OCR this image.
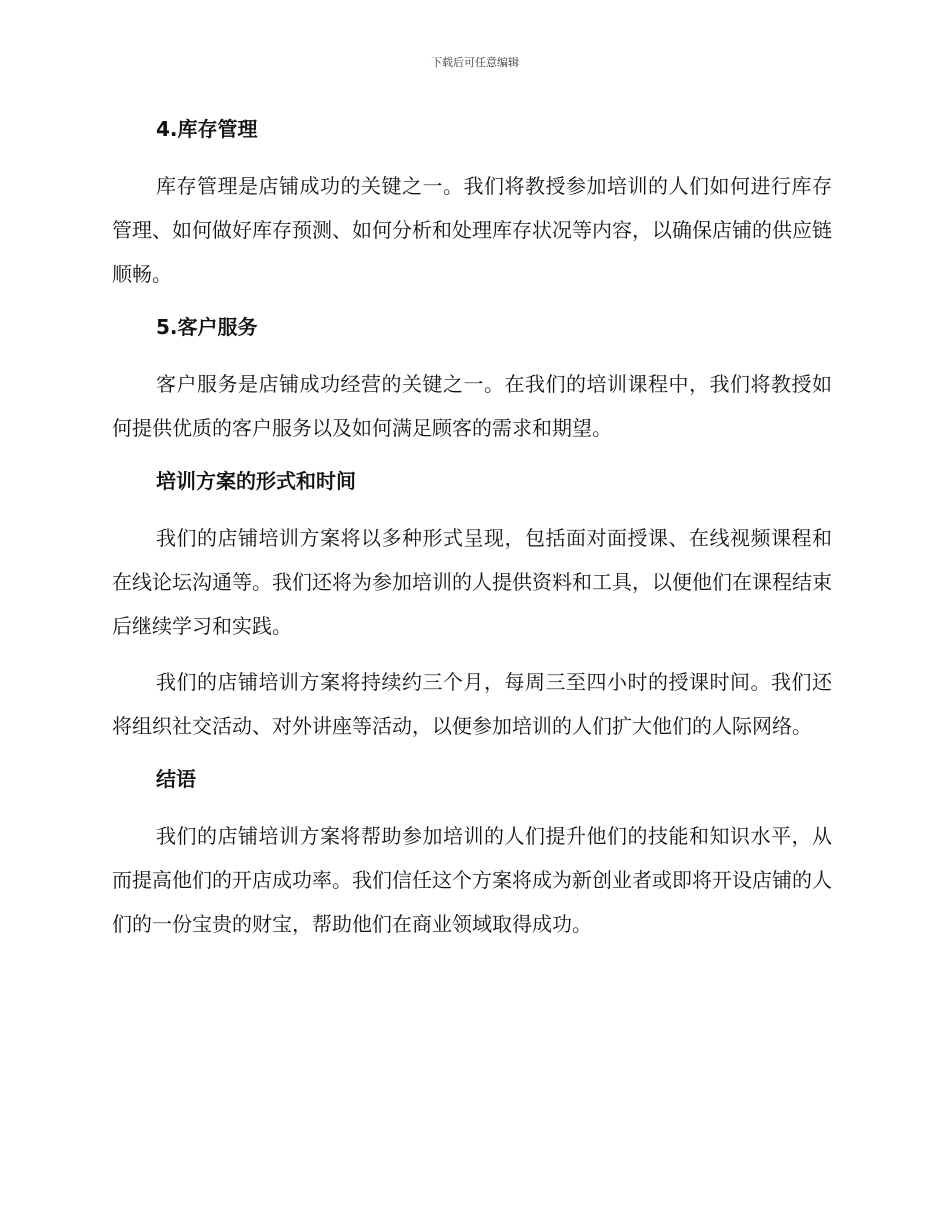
下载后可任意编辑
4.库存管理
库存管理是店铺成功的关键之一。我们将教授参加培训的人们如何进行库存管理、如何做好库存预测、如何分析和处理库存状况等内容，以确保店铺的供应链顺畅。
5.客户服务
客户服务是店铺成功经营的关键之一。在我们的培训课程中，我们将教授如何提供优质的客户服务以及如何满足顾客的需求和期望。
培训方案的形式和时间
我们的店铺培训方案将以多种形式呈现，包括面对面授课、在线视频课程和在线论坛沟通等。我们还将为参加培训的人提供资料和工具，以便他们在课程结束后继续学习和实践。
我们的店铺培训方案将持续约三个月，每周三至四小时的授课时间。我们还将组织社交活动、对外讲座等活动，以便参加培训的人们扩大他们的人际网络。
结语
我们的店铺培训方案将帮助参加培训的人们提升他们的技能和知识水平，从而提高他们的开店成功率。我们信任这个方案将成为新创业者或即将开设店铺的人们的一份宝贵的财宝，帮助他们在商业领域取得成功。
